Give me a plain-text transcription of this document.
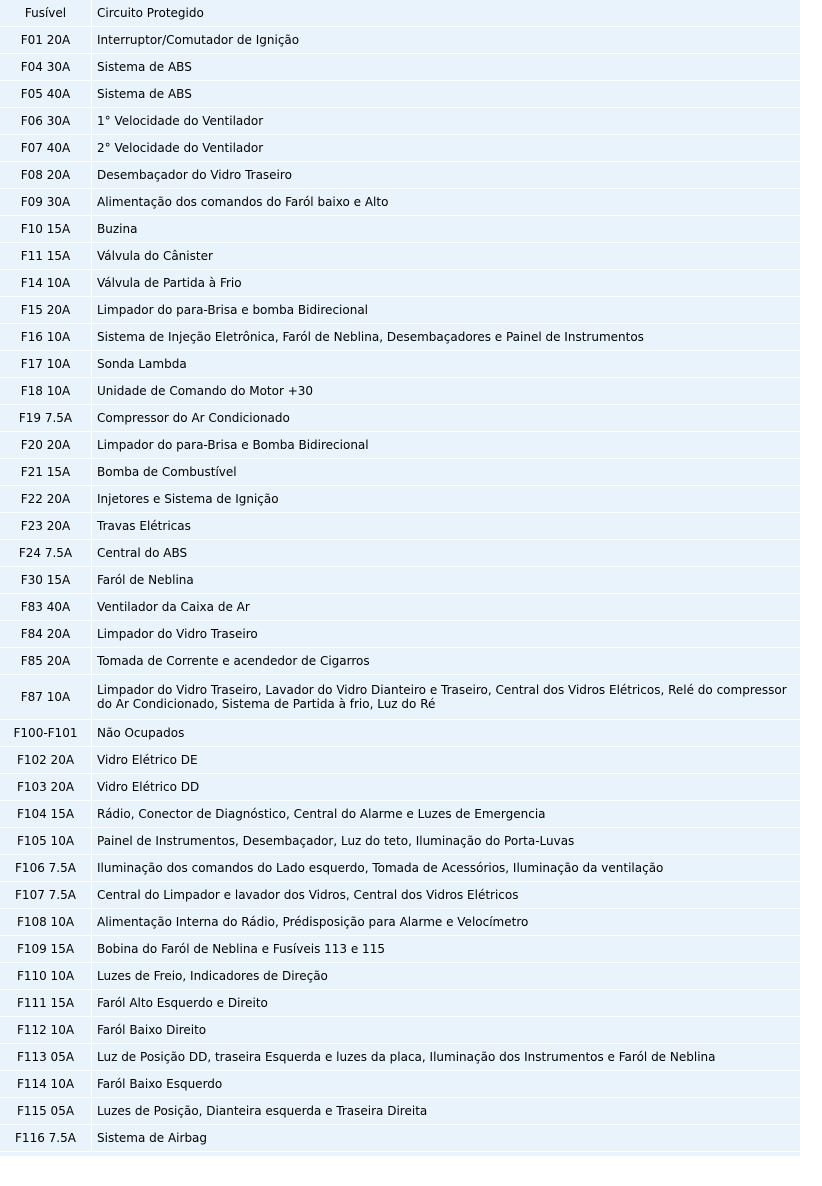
Fusível	Circuito Protegido
F01 20A	Interruptor/Comutador de Ignição
F04 30A	Sistema de ABS
F05 40A	Sistema de ABS
F06 30A	1° Velocidade do Ventilador
F07 40A	2° Velocidade do Ventilador
F08 20A	Desembaçador do Vidro Traseiro
F09 30A	Alimentação dos comandos do Faról baixo e Alto
F10 15A	Buzina
F11 15A	Válvula do Cânister
F14 10A	Válvula de Partida à Frio
F15 20A	Limpador do para-Brisa e bomba Bidirecional
F16 10A	Sistema de Injeção Eletrônica, Faról de Neblina, Desembaçadores e Painel de Instrumentos
F17 10A	Sonda Lambda
F18 10A	Unidade de Comando do Motor +30
F19 7.5A	Compressor do Ar Condicionado
F20 20A	Limpador do para-Brisa e Bomba Bidirecional
F21 15A	Bomba de Combustível
F22 20A	Injetores e Sistema de Ignição
F23 20A	Travas Elétricas
F24 7.5A	Central do ABS
F30 15A	Faról de Neblina
F83 40A	Ventilador da Caixa de Ar
F84 20A	Limpador do Vidro Traseiro
F85 20A	Tomada de Corrente e acendedor de Cigarros
F87 10A	Limpador do Vidro Traseiro, Lavador do Vidro Dianteiro e Traseiro, Central dos Vidros Elétricos, Relé do compressor do Ar Condicionado, Sistema de Partida à frio, Luz do Ré
F100-F101	Não Ocupados
F102 20A	Vidro Elétrico DE
F103 20A	Vidro Elétrico DD
F104 15A	Rádio, Conector de Diagnóstico, Central do Alarme e Luzes de Emergencia
F105 10A	Painel de Instrumentos, Desembaçador, Luz do teto, Iluminação do Porta-Luvas
F106 7.5A	Iluminação dos comandos do Lado esquerdo, Tomada de Acessórios, Iluminação da ventilação
F107 7.5A	Central do Limpador e lavador dos Vidros, Central dos Vidros Elétricos
F108 10A	Alimentação Interna do Rádio, Prédisposição para Alarme e Velocímetro
F109 15A	Bobina do Faról de Neblina e Fusíveis 113 e 115
F110 10A	Luzes de Freio, Indicadores de Direção
F111 15A	Faról Alto Esquerdo e Direito
F112 10A	Faról Baixo Direito
F113 05A	Luz de Posição DD, traseira Esquerda e luzes da placa, Iluminação dos Instrumentos e Faról de Neblina
F114 10A	Faról Baixo Esquerdo
F115 05A	Luzes de Posição, Dianteira esquerda e Traseira Direita
F116 7.5A	Sistema de Airbag
